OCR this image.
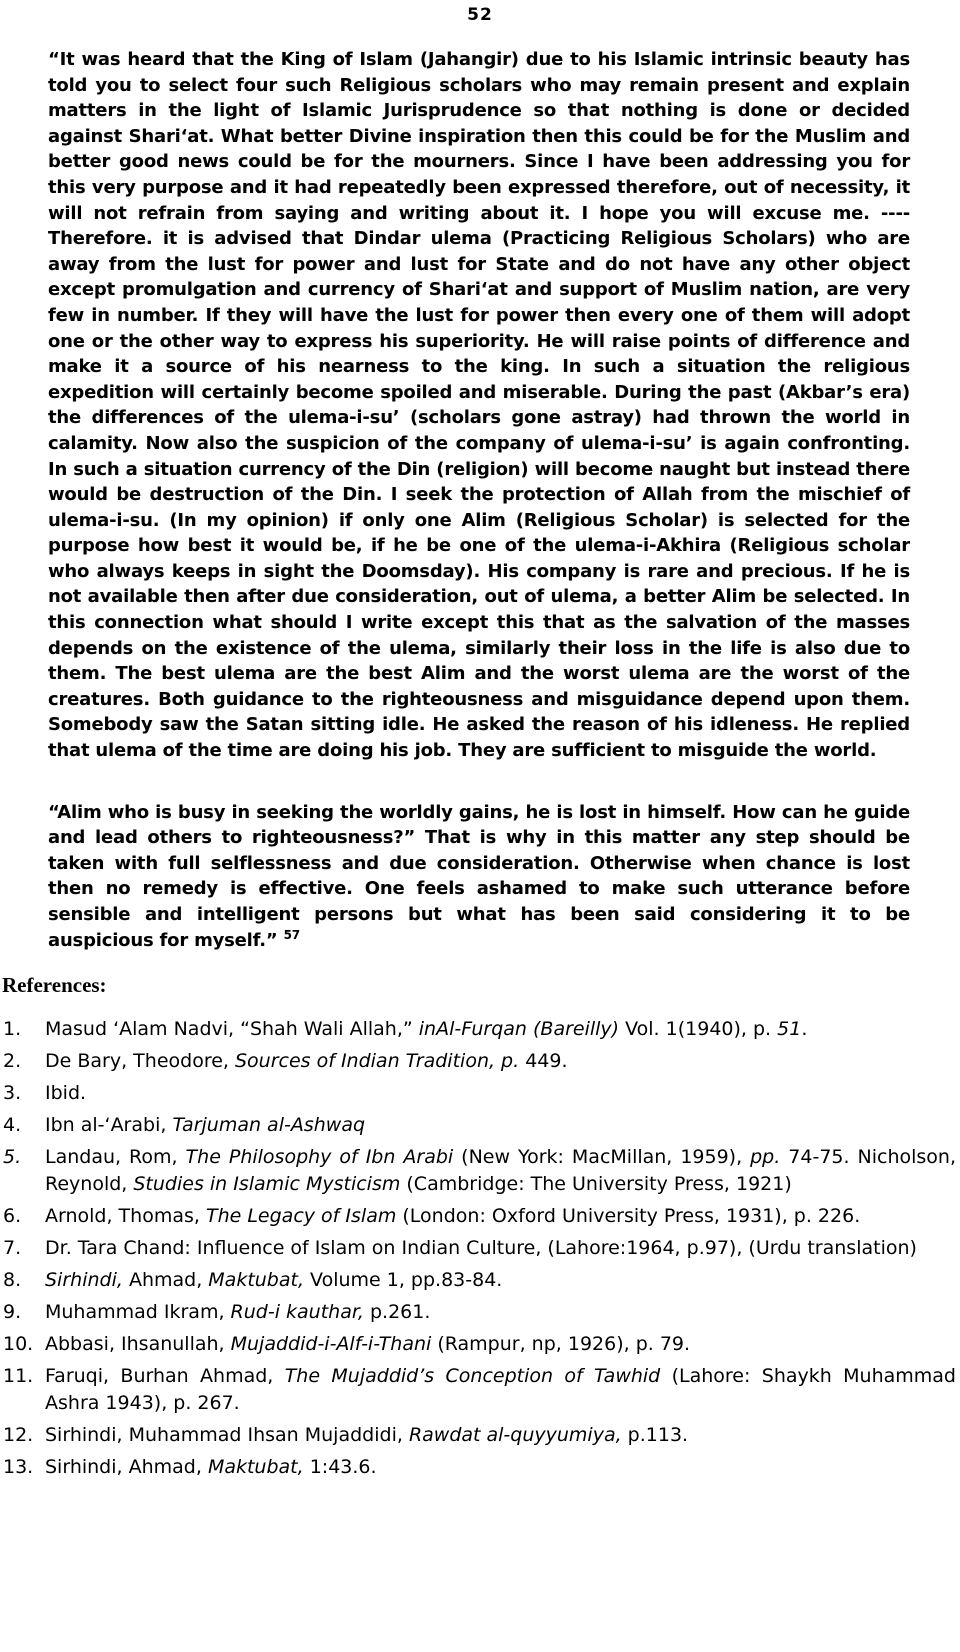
52

“It was heard that the King of Islam (Jahangir) due to his Islamic intrinsic beauty has told you to select four such Religious scholars who may remain present and explain matters in the light of Islamic Jurisprudence so that nothing is done or decided against Shari‘at. What better Divine inspiration then this could be for the Muslim and better good news could be for the mourners. Since I have been addressing you for this very purpose and it had repeatedly been expressed therefore, out of necessity, it will not refrain from saying and writing about it. I hope you will excuse me. ---- Therefore. it is advised that Dindar ulema (Practicing Religious Scholars) who are away from the lust for power and lust for State and do not have any other object except promulgation and currency of Shari‘at and support of Muslim nation, are very few in number. If they will have the lust for power then every one of them will adopt one or the other way to express his superiority. He will raise points of difference and make it a source of his nearness to the king. In such a situation the religious expedition will certainly become spoiled and miserable. During the past (Akbar’s era) the differences of the ulema-i-su’ (scholars gone astray) had thrown the world in calamity. Now also the suspicion of the company of ulema-i-su’ is again confronting. In such a situation currency of the Din (religion) will become naught but instead there would be destruction of the Din. I seek the protection of Allah from the mischief of ulema-i-su. (In my opinion) if only one Alim (Religious Scholar) is selected for the purpose how best it would be, if he be one of the ulema-i-Akhira (Religious scholar who always keeps in sight the Doomsday). His company is rare and precious. If he is not available then after due consideration, out of ulema, a better Alim be selected. In this connection what should I write except this that as the salvation of the masses depends on the existence of the ulema, similarly their loss in the life is also due to them. The best ulema are the best Alim and the worst ulema are the worst of the creatures. Both guidance to the righteousness and misguidance depend upon them. Somebody saw the Satan sitting idle. He asked the reason of his idleness. He replied that ulema of the time are doing his job. They are sufficient to misguide the world.

“Alim who is busy in seeking the worldly gains, he is lost in himself. How can he guide and lead others to righteousness?” That is why in this matter any step should be taken with full selflessness and due consideration. Otherwise when chance is lost then no remedy is effective. One feels ashamed to make such utterance before sensible and intelligent persons but what has been said considering it to be auspicious for myself.” $^{57}$

References:
1. Masud ‘Alam Nadvi, “Shah Wali Allah,” inAl-Furqan (Bareilly) Vol. 1(1940), p. 51.
2. De Bary, Theodore, Sources of Indian Tradition, p. 449.
3. Ibid.
4. Ibn al-‘Arabi, Tarjuman al-Ashwaq
5. Landau, Rom, The Philosophy of Ibn Arabi (New York: MacMillan, 1959), pp. 74-75. Nicholson, Reynold, Studies in Islamic Mysticism (Cambridge: The University Press, 1921)
6. Arnold, Thomas, The Legacy of Islam (London: Oxford University Press, 1931), p. 226.
7. Dr. Tara Chand: Influence of Islam on Indian Culture, (Lahore:1964, p.97), (Urdu translation)
8. Sirhindi, Ahmad, Maktubat, Volume 1, pp.83-84.
9. Muhammad Ikram, Rud-i kauthar, p.261.
10. Abbasi, Ihsanullah, Mujaddid-i-Alf-i-Thani (Rampur, np, 1926), p. 79.
11. Faruqi, Burhan Ahmad, The Mujaddid’s Conception of Tawhid (Lahore: Shaykh Muhammad Ashra 1943), p. 267.
12. Sirhindi, Muhammad Ihsan Mujaddidi, Rawdat al-quyyumiya, p.113.
13. Sirhindi, Ahmad, Maktubat, 1:43.6.
